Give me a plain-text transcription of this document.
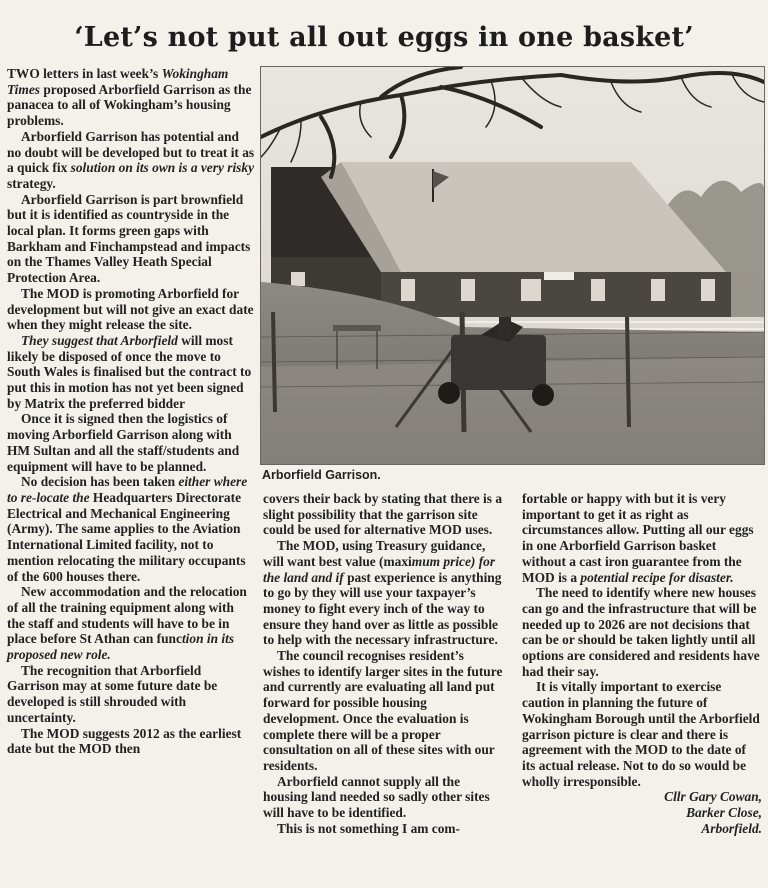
‘Let’s not put all out eggs in one basket’

TWO letters in last week’s Wokingham Times proposed Arborfield Garrison as the panacea to all of Wokingham’s housing problems.

Arborfield Garrison has potential and no doubt will be developed but to treat it as a quick fix solution on its own is a very risky strategy.

Arborfield Garrison is part brownfield but it is identified as countryside in the local plan. It forms green gaps with Barkham and Finchampstead and impacts on the Thames Valley Heath Special Protection Area.

The MOD is promoting Arborfield for development but will not give an exact date when they might release the site.

They suggest that Arborfield will most likely be disposed of once the move to South Wales is finalised but the contract to put this in motion has not yet been signed by Matrix the preferred bidder

Once it is signed then the logistics of moving Arborfield Garrison along with HM Sultan and all the staff/students and equipment will have to be planned.

No decision has been taken either where to re-locate the Headquarters Directorate Electrical and Mechanical Engineering (Army). The same applies to the Aviation International Limited facility, not to mention relocating the military occupants of the 600 houses there.

New accommodation and the relocation of all the training equipment along with the staff and students will have to be in place before St Athan can function in its proposed new role.

The recognition that Arborfield Garrison may at some future date be developed is still shrouded with uncertainty.

The MOD suggests 2012 as the earliest date but the MOD then

Arborfield Garrison.

covers their back by stating that there is a slight possibility that the garrison site could be used for alternative MOD uses.

The MOD, using Treasury guidance, will want best value (maximum price) for the land and if past experience is anything to go by they will use your taxpayer’s money to fight every inch of the way to ensure they hand over as little as possible to help with the necessary infrastructure.

The council recognises resident’s wishes to identify larger sites in the future and currently are evaluating all land put forward for possible housing development. Once the evaluation is complete there will be a proper consultation on all of these sites with our residents.

Arborfield cannot supply all the housing land needed so sadly other sites will have to be identified.

This is not something I am com-

fortable or happy with but it is very important to get it as right as circumstances allow. Putting all our eggs in one Arborfield Garrison basket without a cast iron guarantee from the MOD is a potential recipe for disaster.

The need to identify where new houses can go and the infrastructure that will be needed up to 2026 are not decisions that can be or should be taken lightly until all options are considered and residents have had their say.

It is vitally important to exercise caution in planning the future of Wokingham Borough until the Arborfield garrison picture is clear and there is agreement with the MOD to the date of its actual release. Not to do so would be wholly irresponsible.

Cllr Gary Cowan,
Barker Close,
Arborfield.
